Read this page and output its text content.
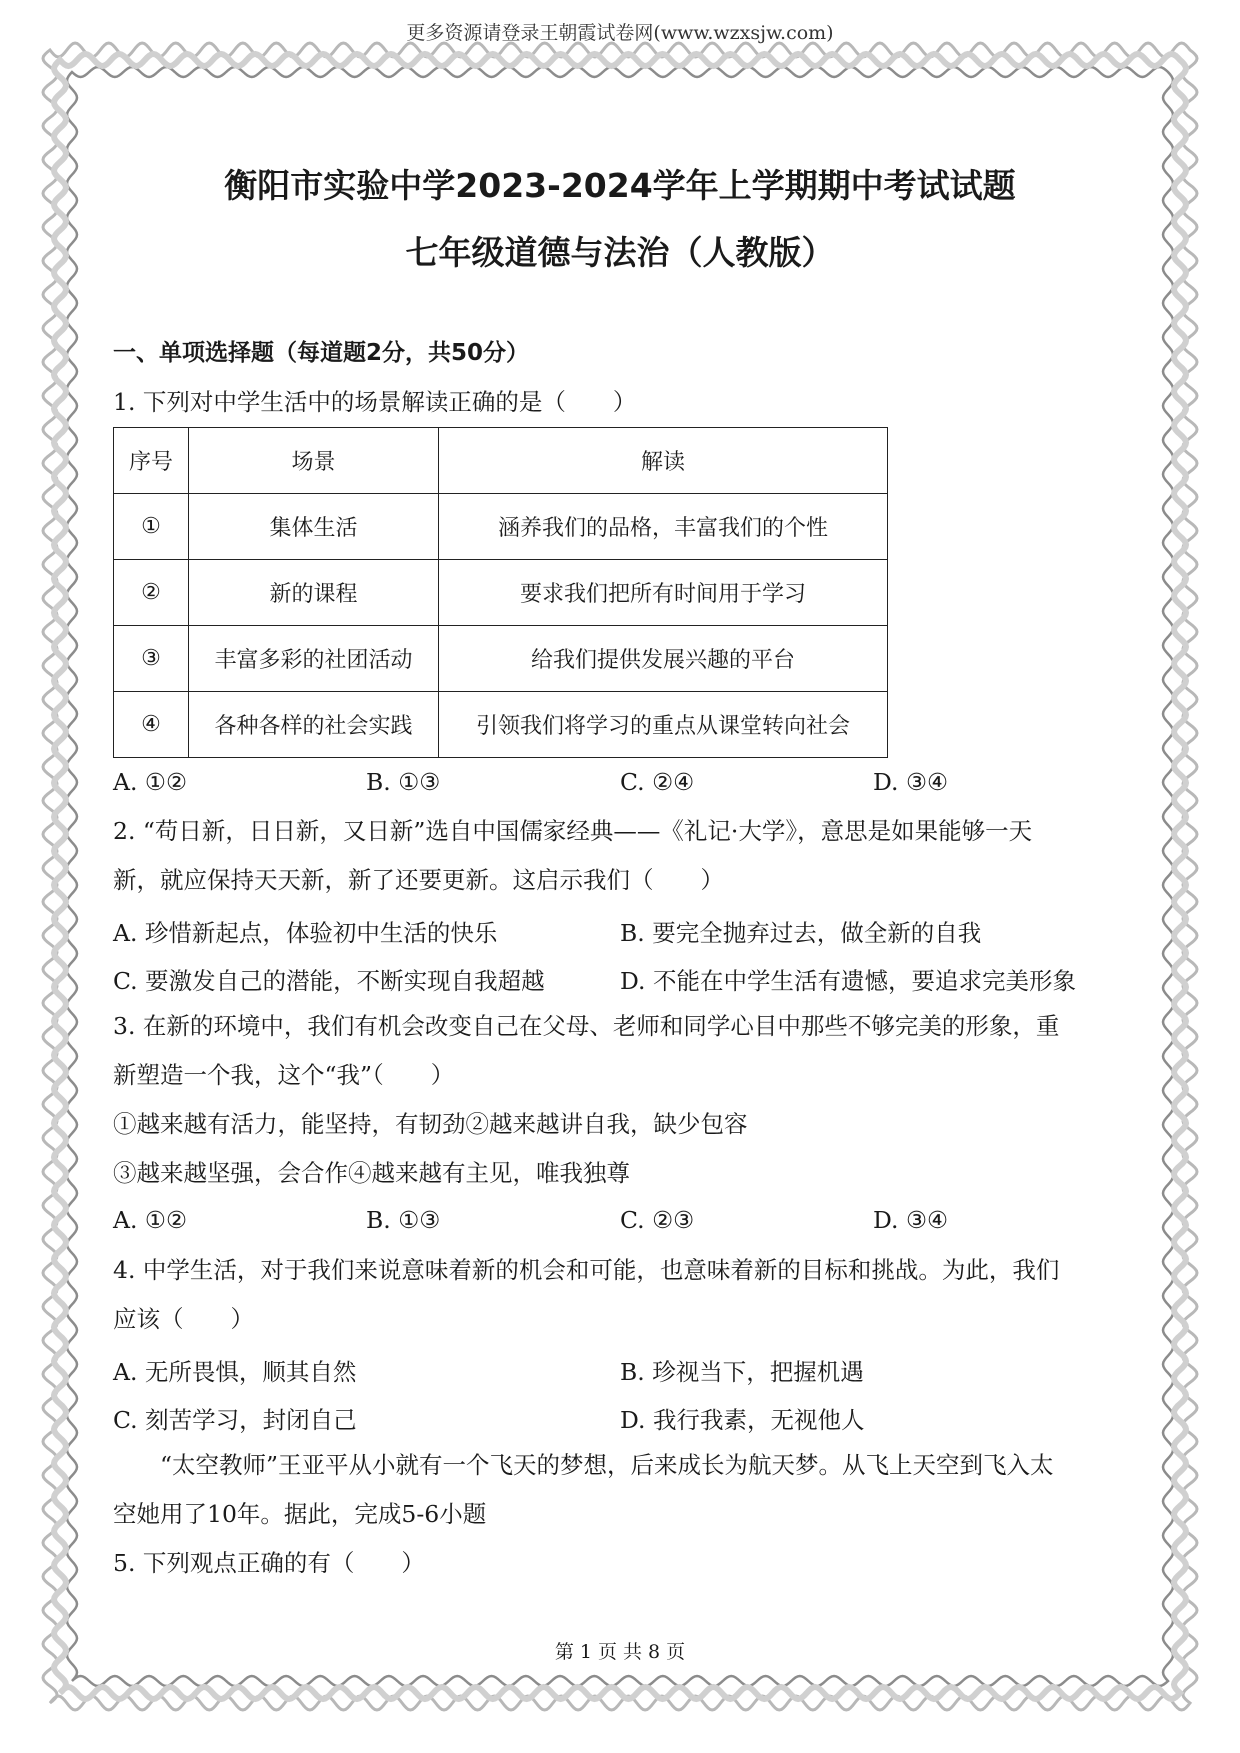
更多资源请登录王朝霞试卷网(www.wzxsjw.com)
衡阳市实验中学2023-2024学年上学期期中考试试题
七年级道德与法治（人教版）
一、单项选择题（每道题2分，共50分）
1. 下列对中学生活中的场景解读正确的是（　　）
序号	场景	解读
①	集体生活	涵养我们的品格，丰富我们的个性
②	新的课程	要求我们把所有时间用于学习
③	丰富多彩的社团活动	给我们提供发展兴趣的平台
④	各种各样的社会实践	引领我们将学习的重点从课堂转向社会
A. ①②	B. ①③	C. ②④	D. ③④
2. “苟日新，日日新，又日新”选自中国儒家经典——《礼记·大学》，意思是如果能够一天
新，就应保持天天新，新了还要更新。这启示我们（　　）
A. 珍惜新起点，体验初中生活的快乐	B. 要完全抛弃过去，做全新的自我
C. 要激发自己的潜能，不断实现自我超越	D. 不能在中学生活有遗憾，要追求完美形象
3. 在新的环境中，我们有机会改变自己在父母、老师和同学心目中那些不够完美的形象，重
新塑造一个我，这个“我”（　　）
①越来越有活力，能坚持，有韧劲②越来越讲自我，缺少包容
③越来越坚强，会合作④越来越有主见，唯我独尊
A. ①②	B. ①③	C. ②③	D. ③④
4. 中学生活，对于我们来说意味着新的机会和可能，也意味着新的目标和挑战。为此，我们
应该（　　）
A. 无所畏惧，顺其自然	B. 珍视当下，把握机遇
C. 刻苦学习，封闭自己	D. 我行我素，无视他人
“太空教师”王亚平从小就有一个飞天的梦想，后来成长为航天梦。从飞上天空到飞入太
空她用了10年。据此，完成5-6小题
5. 下列观点正确的有（　　）
第 1 页 共 8 页
